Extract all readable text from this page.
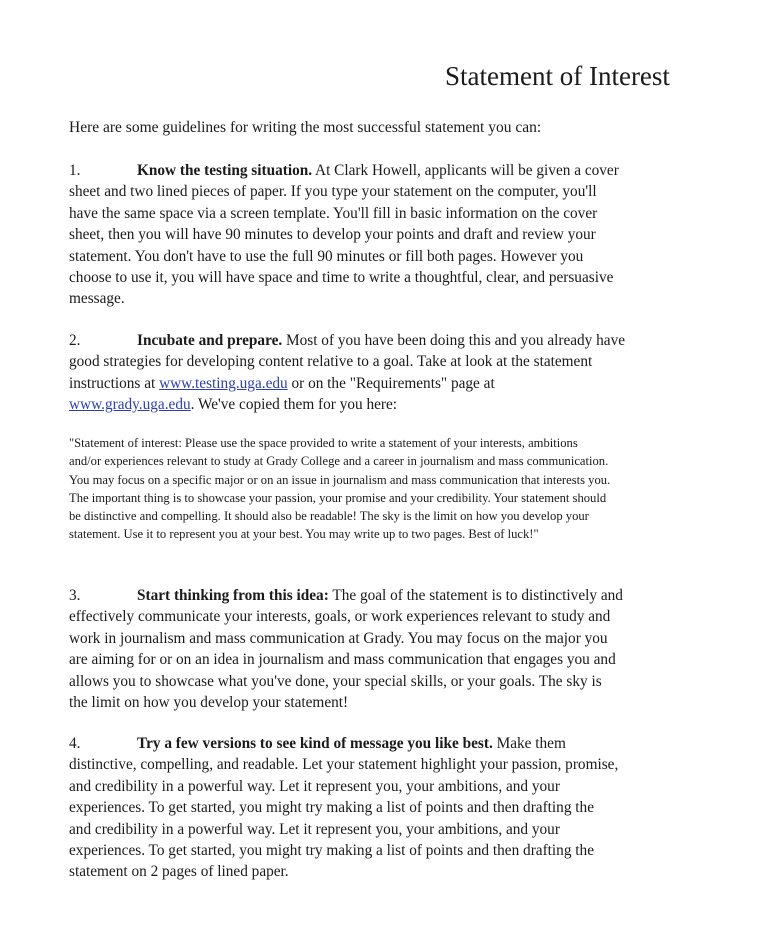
Statement of Interest
Here are some guidelines for writing the most successful statement you can:
1.	Know the testing situation. At Clark Howell, applicants will be given a cover
sheet and two lined pieces of paper. If you type your statement on the computer, you'll
have the same space via a screen template. You'll fill in basic information on the cover
sheet, then you will have 90 minutes to develop your points and draft and review your
statement. You don't have to use the full 90 minutes or fill both pages. However you
choose to use it, you will have space and time to write a thoughtful, clear, and persuasive
message.
2.	Incubate and prepare. Most of you have been doing this and you already have
good strategies for developing content relative to a goal. Take at look at the statement
instructions at www.testing.uga.edu or on the "Requirements" page at
www.grady.uga.edu. We've copied them for you here:
"Statement of interest: Please use the space provided to write a statement of your interests, ambitions
and/or experiences relevant to study at Grady College and a career in journalism and mass communication.
You may focus on a specific major or on an issue in journalism and mass communication that interests you.
The important thing is to showcase your passion, your promise and your credibility. Your statement should
be distinctive and compelling. It should also be readable! The sky is the limit on how you develop your
statement. Use it to represent you at your best. You may write up to two pages. Best of luck!"
3.	Start thinking from this idea: The goal of the statement is to distinctively and
effectively communicate your interests, goals, or work experiences relevant to study and
work in journalism and mass communication at Grady. You may focus on the major you
are aiming for or on an idea in journalism and mass communication that engages you and
allows you to showcase what you've done, your special skills, or your goals. The sky is
the limit on how you develop your statement!
4.	Try a few versions to see kind of message you like best. Make them
distinctive, compelling, and readable. Let your statement highlight your passion, promise,
and credibility in a powerful way. Let it represent you, your ambitions, and your
experiences. To get started, you might try making a list of points and then drafting the
and credibility in a powerful way. Let it represent you, your ambitions, and your
experiences. To get started, you might try making a list of points and then drafting the
statement on 2 pages of lined paper.
